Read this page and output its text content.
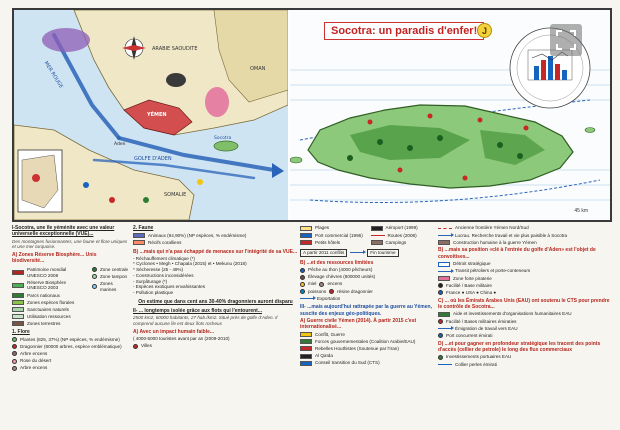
ARABIE SAOUDITE
OMAN
YÉMEN
SOMALIE
MER ROUGE
GOLFE D'ADEN
Socotra
Aden
Socotra: un paradis d'enfer! J
45 km
I-Socotra, une île yéménite avec une valeur universelle exceptionnelle (VUE)...
Des montagnes fusionnantes, une faune et flore uniques et une mer turquoise.
A) Zones Réserve Biosphère... Unis biodiversité...
Patrimoine mondial UNESCO 2008
Réserve Biosphère UNESCO 2003
Parcs nationaux
Zones espèces florales
Sanctuaires naturels
Utilisation ressources
Zones terrestres
Zone centrale
Zone tampon
Zones marines
1. Flore
Plantes (825, 37%) (NP espèces, % endémisme)
Dragonnier (80000 arbres, espèce emblématique)
Arbre encens
Rose du désert
Arbre encens
2. Faune
Animaux (94,90%) (NP espèces, % endémisme)
Récifs coralliens
B) ...mais qui n'a pas échappé de menaces sur l'intégrité de sa VUE...
- Réchauffement climatique (*)
* Cyclones • Megh • Chapala (2015) et • Mekunu (2018)
* Sécheresse (25 - 49%)
- Constructions inconsidérées
- Surpâturage (*)
- Espèces exotiques envahissantes
- Pollution plastique
On estime que dans cent ans 30-40% dragonniers auront disparu
II- ... longtemps isolée grâce aux flots qui l'entourent...
2500 km2, 60000 habitants, 27 hab./km2. Situé près de golfe d'Aden. Il comprend aucune île est deux îlots rocheux
A) Avec un impact humain faible...
( 4000-5000 touristes avant par an (2009-2010)
Villes
Plages
Port commercial (1996)
Petits hôtels
Aéroport (1999)
Routes (2008)
Campings
A partir 2011 conflits	Fin tourisme
B) ...et des ressources limitées
Pêche au thon (4000 pêcheurs)
Élevage chèvres (800000 unités)
miel encens
poissons résine dragonnier
Exportation
III- ...mais aujourd'hui rattrapée par la guerre au Yémen, suscite des enjeux géo-politiques.
A) Guerre civile Yémen (2014). À partir 2015 c'est internationalisé...
Conflit, Guerre
Forces gouvernementales (Coalition Arabie/EAU)
Rebelles Houthistes (Soutenue par l'Iran)
Al Qaïda
Conseil transition du Sud (CTS)
Ancienne frontière Yémen Nord/Sud
Lucrau. Recherche travail et vie plus paisible à Socotra
Construction humaine à la guerre Yémen
B) ...mais sa position «clé à l'entrée du golfe d'Aden» est l'objet de convoitises...
Détroit stratégique
Transit pétroliers et porte-conteneurs
Zone forte piraterie
Facilité / Base militaire
France ● USA ● China ●
C) ... où les Émirats Arabes Unis (EAU) ont soutenu le CTS pour prendre le contrôle de Socotra...
Aide et investissements d'organisations humanitaires EAU
Facilité / Bases militaires émiraties
Émigration de travail vers EAU
Port concurrent émirati
D) ...et pour gagner en profondeur stratégique les tracent des points d'accès (cellier de petrole) le long des flux commerciaux
Investissements portuaires EAU
Collier perles émirati
